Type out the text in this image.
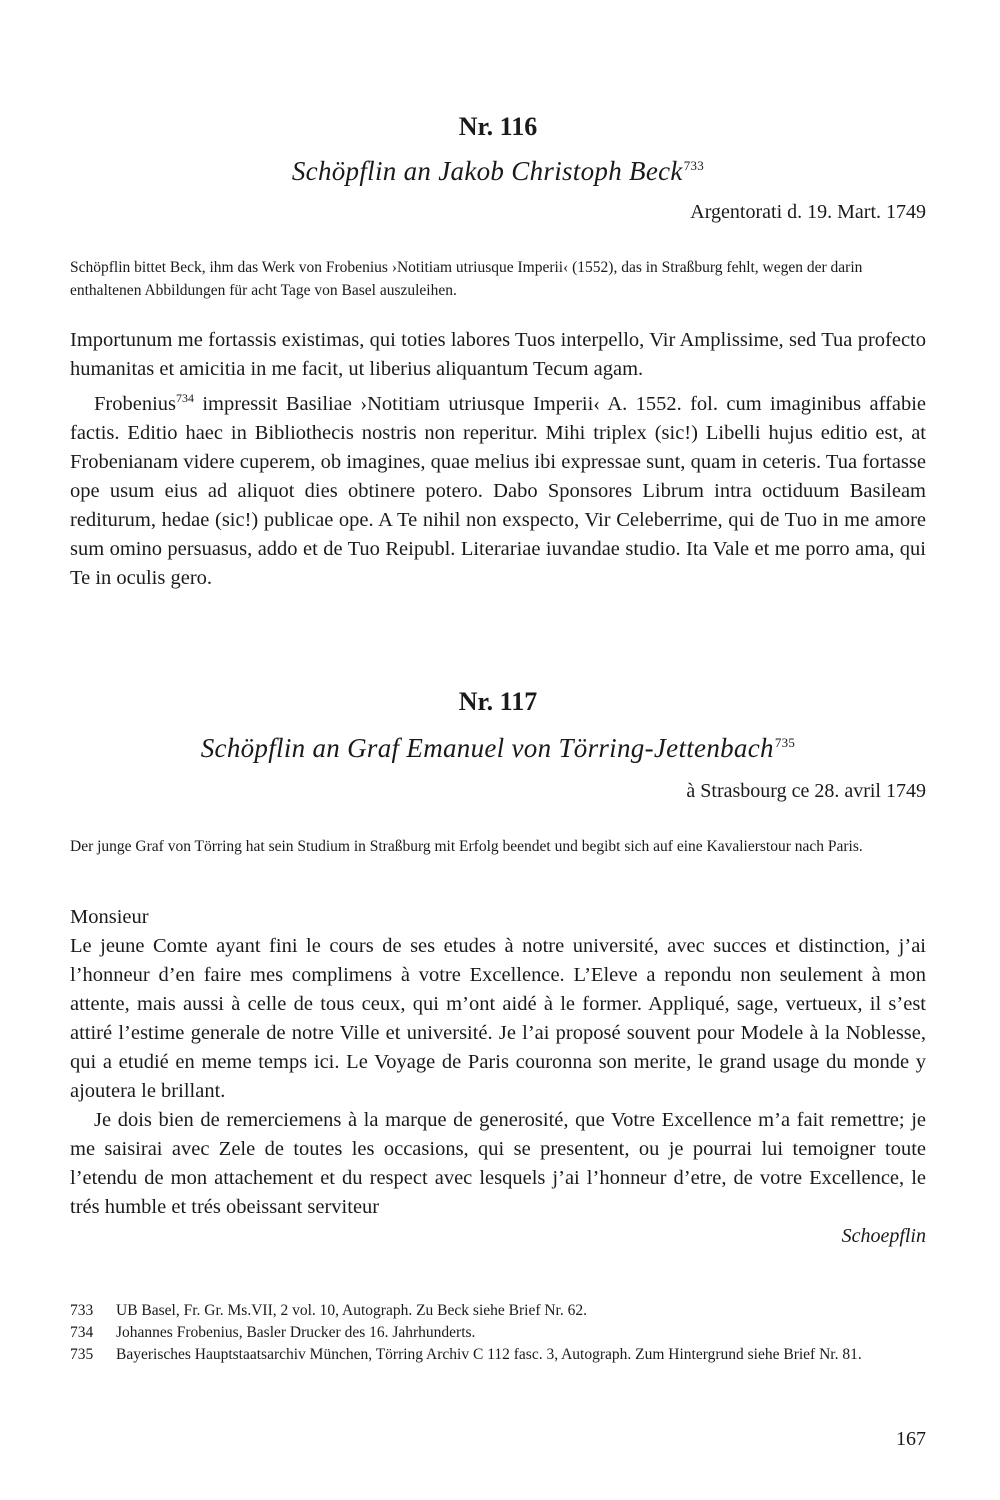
Nr. 116
Schöpflin an Jakob Christoph Beck$^{733}$
Argentorati d. 19. Mart. 1749
Schöpflin bittet Beck, ihm das Werk von Frobenius ›Notitiam utriusque Imperii‹ (1552), das in Straßburg fehlt, wegen der darin enthaltenen Abbildungen für acht Tage von Basel auszuleihen.

Importunum me fortassis existimas, qui toties labores Tuos interpello, Vir Amplissime, sed Tua profecto humanitas et amicitia in me facit, ut liberius aliquantum Tecum agam.

Frobenius$^{734}$ impressit Basiliae ›Notitiam utriusque Imperii‹ A. 1552. fol. cum imaginibus affabie factis. Editio haec in Bibliothecis nostris non reperitur. Mihi triplex (sic!) Libelli hujus editio est, at Frobenianam videre cuperem, ob imagines, quae melius ibi expressae sunt, quam in ceteris. Tua fortasse ope usum eius ad aliquot dies obtinere potero. Dabo Sponsores Librum intra octiduum Basileam rediturum, hedae (sic!) publicae ope. A Te nihil non exspecto, Vir Celeberrime, qui de Tuo in me amore sum omino persuasus, addo et de Tuo Reipubl. Literariae iuvandae studio. Ita Vale et me porro ama, qui Te in oculis gero.

Nr. 117
Schöpflin an Graf Emanuel von Törring-Jettenbach$^{735}$
à Strasbourg ce 28. avril 1749
Der junge Graf von Törring hat sein Studium in Straßburg mit Erfolg beendet und begibt sich auf eine Kavalierstour nach Paris.

Monsieur

Le jeune Comte ayant fini le cours de ses etudes à notre université, avec succes et distinction, j’ai l’honneur d’en faire mes complimens à votre Excellence. L’Eleve a repondu non seulement à mon attente, mais aussi à celle de tous ceux, qui m’ont aidé à le former. Appliqué, sage, vertueux, il s’est attiré l’estime generale de notre Ville et université. Je l’ai proposé souvent pour Modele à la Noblesse, qui a etudié en meme temps ici. Le Voyage de Paris couronna son merite, le grand usage du monde y ajoutera le brillant.

Je dois bien de remerciemens à la marque de generosité, que Votre Excellence m’a fait remettre; je me saisirai avec Zele de toutes les occasions, qui se presentent, ou je pourrai lui temoigner toute l’etendu de mon attachement et du respect avec lesquels j’ai l’honneur d’etre, de votre Excellence, le trés humble et trés obeissant serviteur

Schoepflin
733	UB Basel, Fr. Gr. Ms.VII, 2 vol. 10, Autograph. Zu Beck siehe Brief Nr. 62.
734	Johannes Frobenius, Basler Drucker des 16. Jahrhunderts.
735	Bayerisches Hauptstaatsarchiv München, Törring Archiv C 112 fasc. 3, Autograph. Zum Hintergrund siehe Brief Nr. 81.
167
